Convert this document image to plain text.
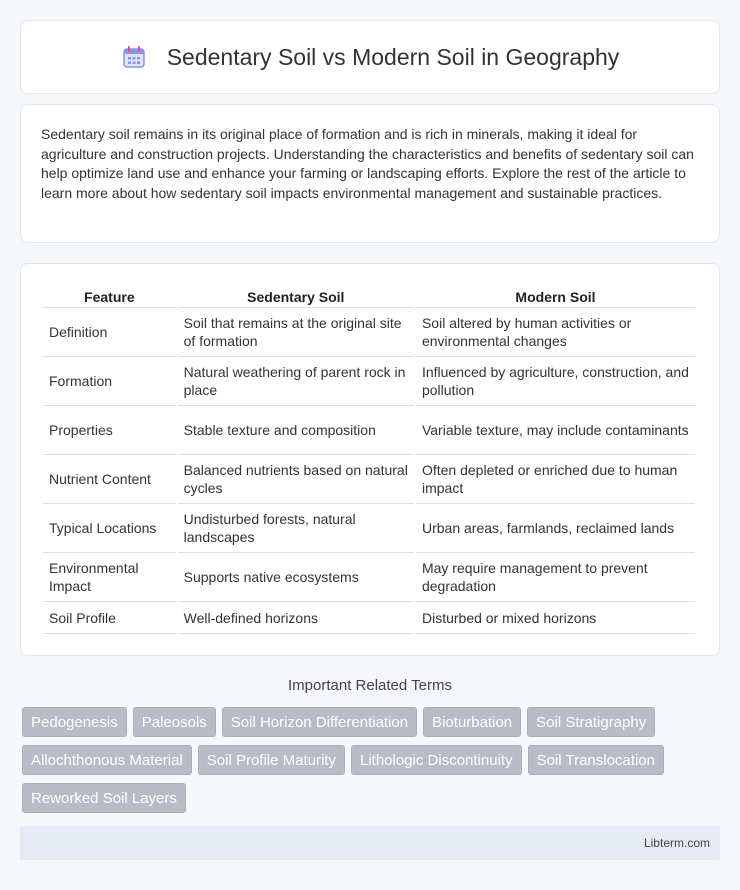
Sedentary Soil vs Modern Soil in Geography

Sedentary soil remains in its original place of formation and is rich in minerals, making it ideal for agriculture and construction projects. Understanding the characteristics and benefits of sedentary soil can help optimize land use and enhance your farming or landscaping efforts. Explore the rest of the article to learn more about how sedentary soil impacts environmental management and sustainable practices.

Feature	Sedentary Soil	Modern Soil
Definition	Soil that remains at the original site of formation	Soil altered by human activities or environmental changes
Formation	Natural weathering of parent rock in place	Influenced by agriculture, construction, and pollution
Properties	Stable texture and composition	Variable texture, may include contaminants
Nutrient Content	Balanced nutrients based on natural cycles	Often depleted or enriched due to human impact
Typical Locations	Undisturbed forests, natural landscapes	Urban areas, farmlands, reclaimed lands
Environmental Impact	Supports native ecosystems	May require management to prevent degradation
Soil Profile	Well-defined horizons	Disturbed or mixed horizons
Important Related Terms
Pedogenesis	Paleosols	Soil Horizon Differentiation	Bioturbation	Soil Stratigraphy
Allochthonous Material	Soil Profile Maturity	Lithologic Discontinuity	Soil Translocation
Reworked Soil Layers
Libterm.com
